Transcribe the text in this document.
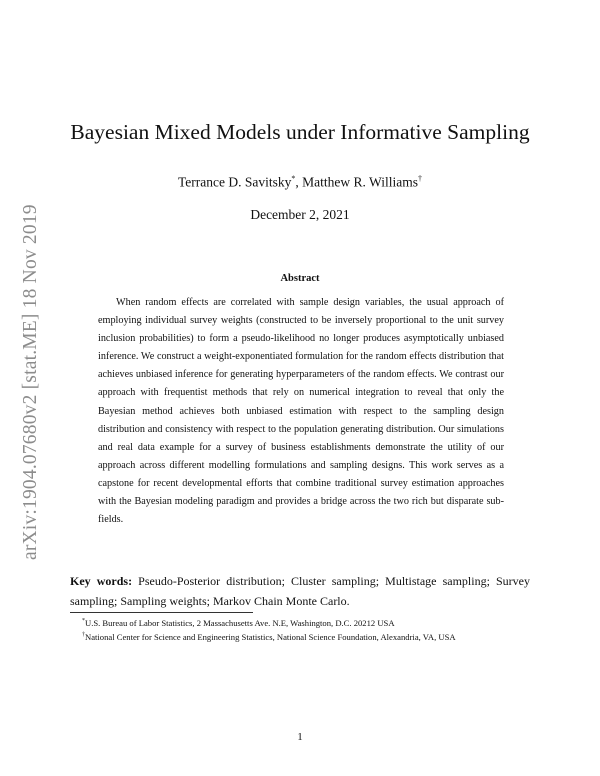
arXiv:1904.07680v2 [stat.ME] 18 Nov 2019
Bayesian Mixed Models under Informative Sampling
Terrance D. Savitsky*, Matthew R. Williams†
December 2, 2021
Abstract

When random effects are correlated with sample design variables, the usual approach of employing individual survey weights (constructed to be inversely proportional to the unit survey inclusion probabilities) to form a pseudo-likelihood no longer produces asymptotically unbiased inference. We construct a weight-exponentiated formulation for the random effects distribution that achieves unbiased inference for generating hyperparameters of the random effects. We contrast our approach with frequentist methods that rely on numerical integration to reveal that only the Bayesian method achieves both unbiased estimation with respect to the sampling design distribution and consistency with respect to the population generating distribution. Our simulations and real data example for a survey of business establishments demonstrate the utility of our approach across different modelling formulations and sampling designs. This work serves as a capstone for recent developmental efforts that combine traditional survey estimation approaches with the Bayesian modeling paradigm and provides a bridge across the two rich but disparate sub-fields.

Key words: Pseudo-Posterior distribution; Cluster sampling; Multistage sampling; Survey sampling; Sampling weights; Markov Chain Monte Carlo.

*U.S. Bureau of Labor Statistics, 2 Massachusetts Ave. N.E, Washington, D.C. 20212 USA
†National Center for Science and Engineering Statistics, National Science Foundation, Alexandria, VA, USA
1
